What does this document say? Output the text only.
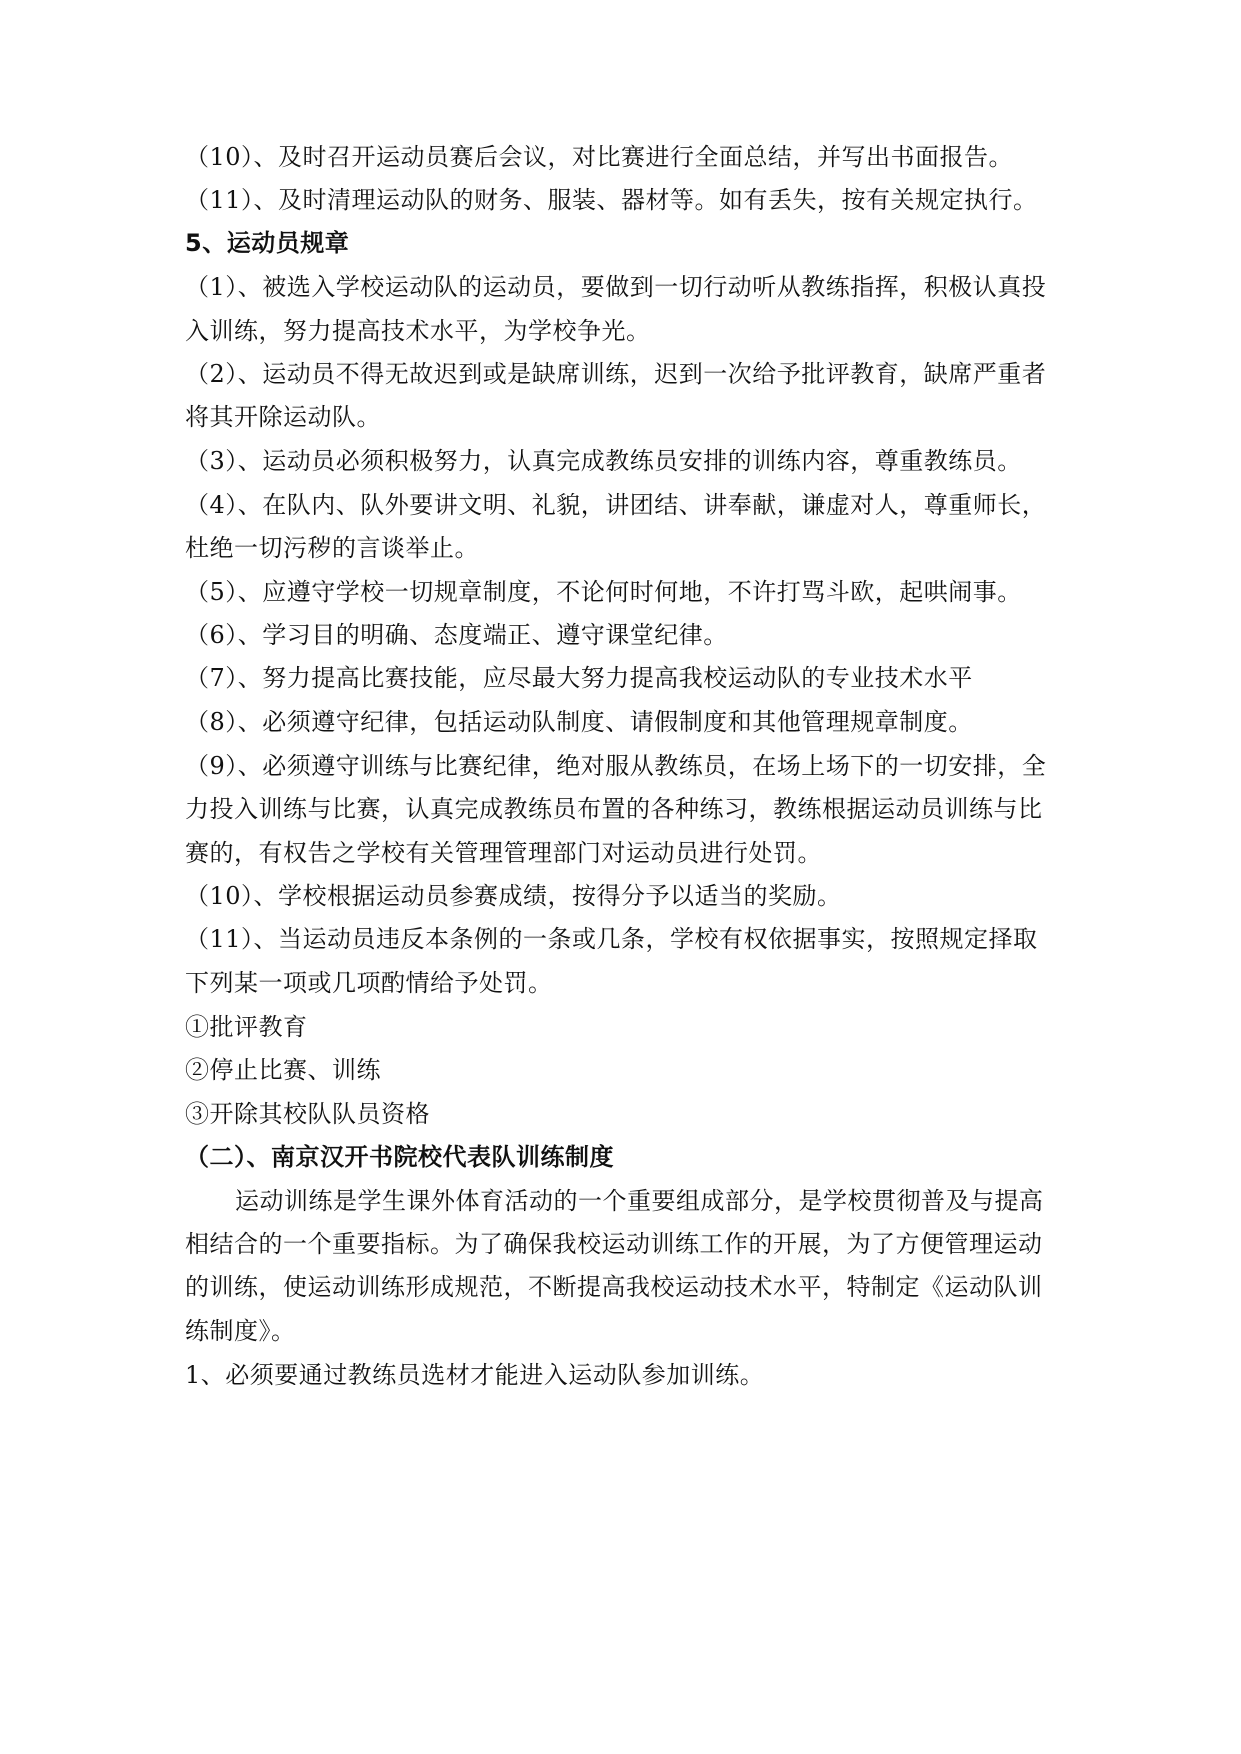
（10）、及时召开运动员赛后会议，对比赛进行全面总结，并写出书面报告。
（11）、及时清理运动队的财务、服装、器材等。如有丢失，按有关规定执行。
5、运动员规章
（1）、被选入学校运动队的运动员，要做到一切行动听从教练指挥，积极认真投
入训练，努力提高技术水平，为学校争光。
（2）、运动员不得无故迟到或是缺席训练，迟到一次给予批评教育，缺席严重者
将其开除运动队。
（3）、运动员必须积极努力，认真完成教练员安排的训练内容，尊重教练员。
（4）、在队内、队外要讲文明、礼貌，讲团结、讲奉献，谦虚对人，尊重师长，
杜绝一切污秽的言谈举止。
（5）、应遵守学校一切规章制度，不论何时何地，不许打骂斗欧，起哄闹事。
（6）、学习目的明确、态度端正、遵守课堂纪律。
（7）、努力提高比赛技能，应尽最大努力提高我校运动队的专业技术水平
（8）、必须遵守纪律，包括运动队制度、请假制度和其他管理规章制度。
（9）、必须遵守训练与比赛纪律，绝对服从教练员，在场上场下的一切安排，全
力投入训练与比赛，认真完成教练员布置的各种练习，教练根据运动员训练与比
赛的，有权告之学校有关管理管理部门对运动员进行处罚。
（10）、学校根据运动员参赛成绩，按得分予以适当的奖励。
（11）、当运动员违反本条例的一条或几条，学校有权依据事实，按照规定择取
下列某一项或几项酌情给予处罚。
①批评教育
②停止比赛、训练
③开除其校队队员资格
（二）、南京汉开书院校代表队训练制度
运动训练是学生课外体育活动的一个重要组成部分，是学校贯彻普及与提高
相结合的一个重要指标。为了确保我校运动训练工作的开展，为了方便管理运动
的训练，使运动训练形成规范，不断提高我校运动技术水平，特制定《运动队训
练制度》。
1、必须要通过教练员选材才能进入运动队参加训练。
